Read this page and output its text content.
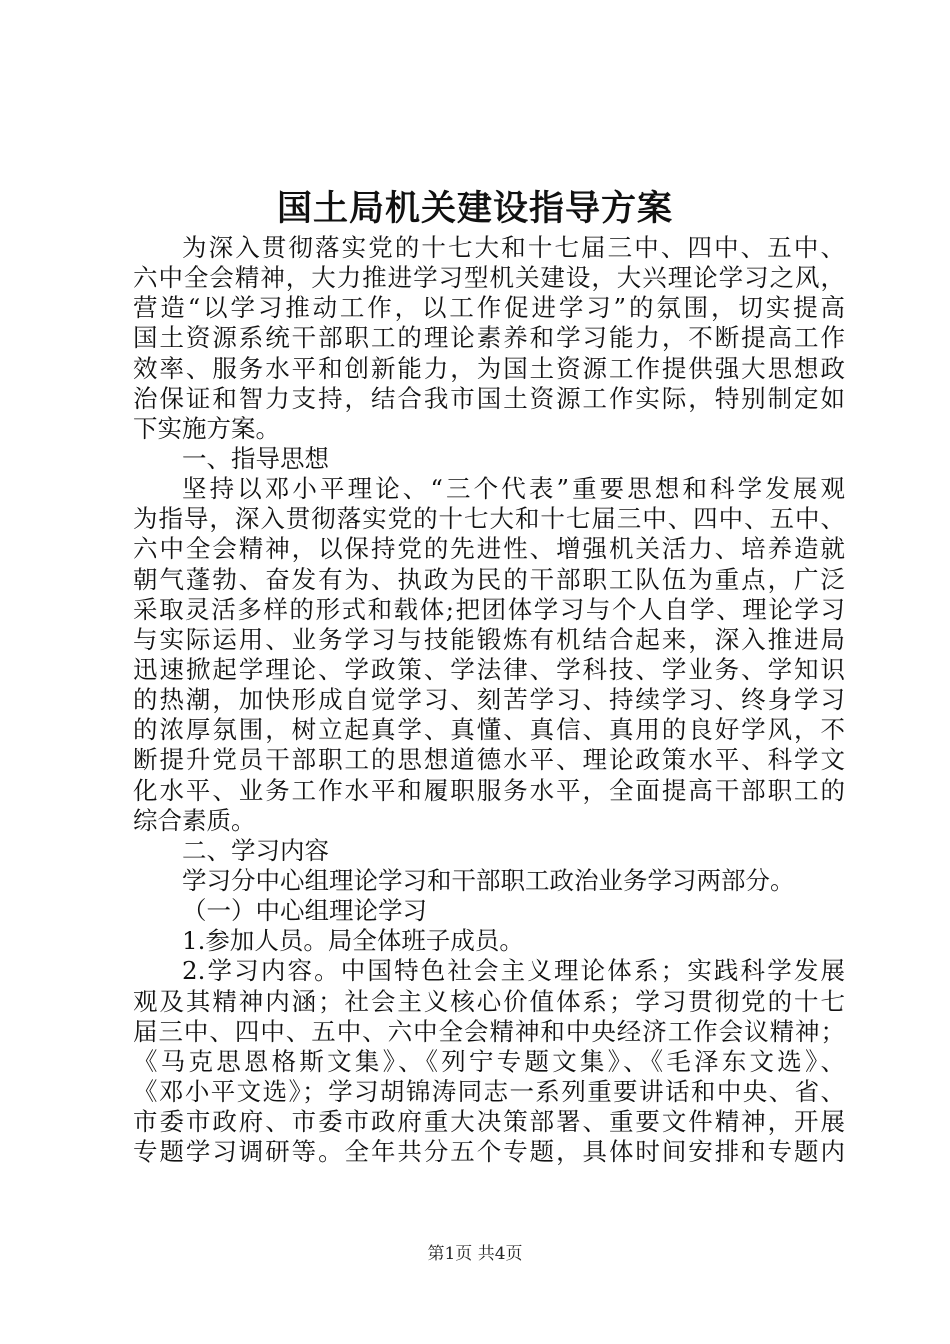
国土局机关建设指导方案
为深入贯彻落实党的十七大和十七届三中、四中、五中、
六中全会精神，大力推进学习型机关建设，大兴理论学习之风，
营造“以学习推动工作，以工作促进学习”的氛围，切实提高
国土资源系统干部职工的理论素养和学习能力，不断提高工作
效率、服务水平和创新能力，为国土资源工作提供强大思想政
治保证和智力支持，结合我市国土资源工作实际，特别制定如
下实施方案。
一、指导思想
坚持以邓小平理论、“三个代表”重要思想和科学发展观
为指导，深入贯彻落实党的十七大和十七届三中、四中、五中、
六中全会精神，以保持党的先进性、增强机关活力、培养造就
朝气蓬勃、奋发有为、执政为民的干部职工队伍为重点，广泛
采取灵活多样的形式和载体;把团体学习与个人自学、理论学习
与实际运用、业务学习与技能锻炼有机结合起来，深入推进局
迅速掀起学理论、学政策、学法律、学科技、学业务、学知识
的热潮，加快形成自觉学习、刻苦学习、持续学习、终身学习
的浓厚氛围，树立起真学、真懂、真信、真用的良好学风，不
断提升党员干部职工的思想道德水平、理论政策水平、科学文
化水平、业务工作水平和履职服务水平，全面提高干部职工的
综合素质。
二、学习内容
学习分中心组理论学习和干部职工政治业务学习两部分。
（一）中心组理论学习
1.参加人员。局全体班子成员。
2.学习内容。中国特色社会主义理论体系；实践科学发展
观及其精神内涵；社会主义核心价值体系；学习贯彻党的十七
届三中、四中、五中、六中全会精神和中央经济工作会议精神；
《马克思恩格斯文集》、《列宁专题文集》、《毛泽东文选》、
《邓小平文选》；学习胡锦涛同志一系列重要讲话和中央、省、
市委市政府、市委市政府重大决策部署、重要文件精神，开展
专题学习调研等。全年共分五个专题，具体时间安排和专题内
第1页 共4页
